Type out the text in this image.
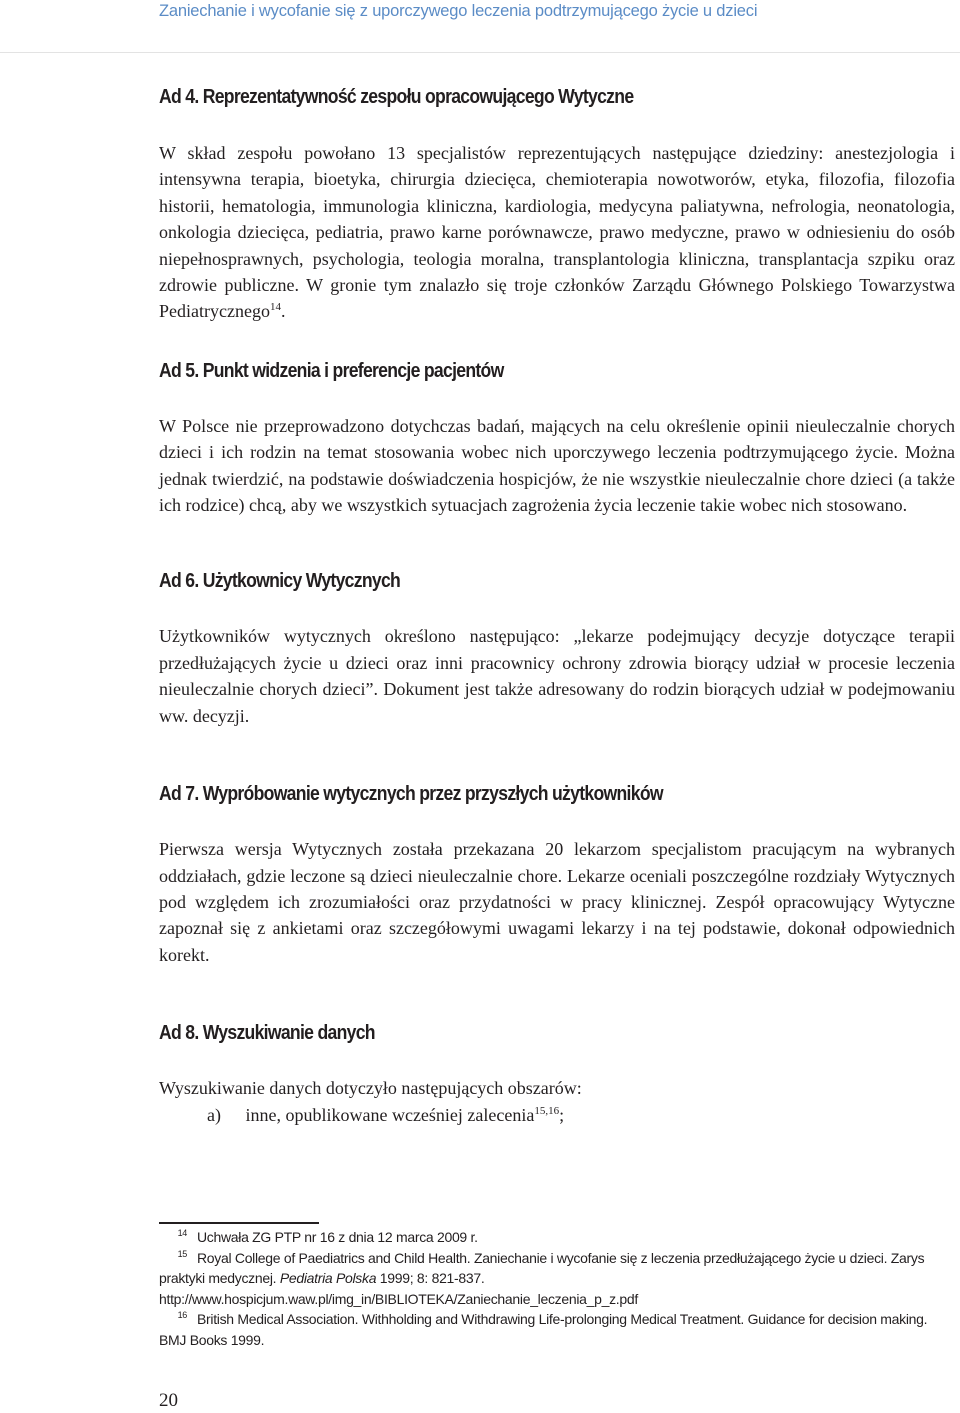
Zaniechanie i wycofanie się z uporczywego leczenia podtrzymującego życie u dzieci
Ad 4. Reprezentatywność zespołu opracowującego Wytyczne

W skład zespołu powołano 13 specjalistów reprezentujących następujące dziedziny: anestezjologia i intensywna terapia, bioetyka, chirurgia dziecięca, chemioterapia nowotworów, etyka, filozofia, filozofia historii, hematologia, immunologia kliniczna, kardiologia, medycyna paliatywna, nefrologia, neonatologia, onkologia dziecięca, pediatria, prawo karne porównawcze, prawo medyczne, prawo w odniesieniu do osób niepełnosprawnych, psychologia, teologia moralna, transplantologia kliniczna, transplantacja szpiku oraz zdrowie publiczne. W gronie tym znalazło się troje członków Zarządu Głównego Polskiego Towarzystwa Pediatrycznego$^{14}$.

Ad 5. Punkt widzenia i preferencje pacjentów

W Polsce nie przeprowadzono dotychczas badań, mających na celu określenie opinii nieuleczalnie chorych dzieci i ich rodzin na temat stosowania wobec nich uporczywego leczenia podtrzymującego życie. Można jednak twierdzić, na podstawie doświadczenia hospicjów, że nie wszystkie nieuleczalnie chore dzieci (a także ich rodzice) chcą, aby we wszystkich sytuacjach zagrożenia życia leczenie takie wobec nich stosowano.

Ad 6. Użytkownicy Wytycznych

Użytkowników wytycznych określono następująco: „lekarze podejmujący decyzje dotyczące terapii przedłużających życie u dzieci oraz inni pracownicy ochrony zdrowia biorący udział w procesie leczenia nieuleczalnie chorych dzieci”. Dokument jest także adresowany do rodzin biorących udział w podejmowaniu ww. decyzji.

Ad 7. Wypróbowanie wytycznych przez przyszłych użytkowników

Pierwsza wersja Wytycznych została przekazana 20 lekarzom specjalistom pracującym na wybranych oddziałach, gdzie leczone są dzieci nieuleczalnie chore. Lekarze oceniali poszczególne rozdziały Wytycznych pod względem ich zrozumiałości oraz przydatności w pracy klinicznej. Zespół opracowujący Wytyczne zapoznał się z ankietami oraz szczegółowymi uwagami lekarzy i na tej podstawie, dokonał odpowiednich korekt.

Ad 8. Wyszukiwanie danych

Wyszukiwanie danych dotyczyło następujących obszarów:

a) inne, opublikowane wcześniej zalecenia$^{15,16}$;

14 Uchwała ZG PTP nr 16 z dnia 12 marca 2009 r.

15 Royal College of Paediatrics and Child Health. Zaniechanie i wycofanie się z leczenia przedłużającego życie u dzieci. Zarys praktyki medycznej. Pediatria Polska 1999; 8: 821-837. http://www.hospicjum.waw.pl/img_in/BIBLIOTEKA/Zaniechanie_leczenia_p_z.pdf

16 British Medical Association. Withholding and Withdrawing Life-prolonging Medical Treatment. Guidance for decision making. BMJ Books 1999.

20
